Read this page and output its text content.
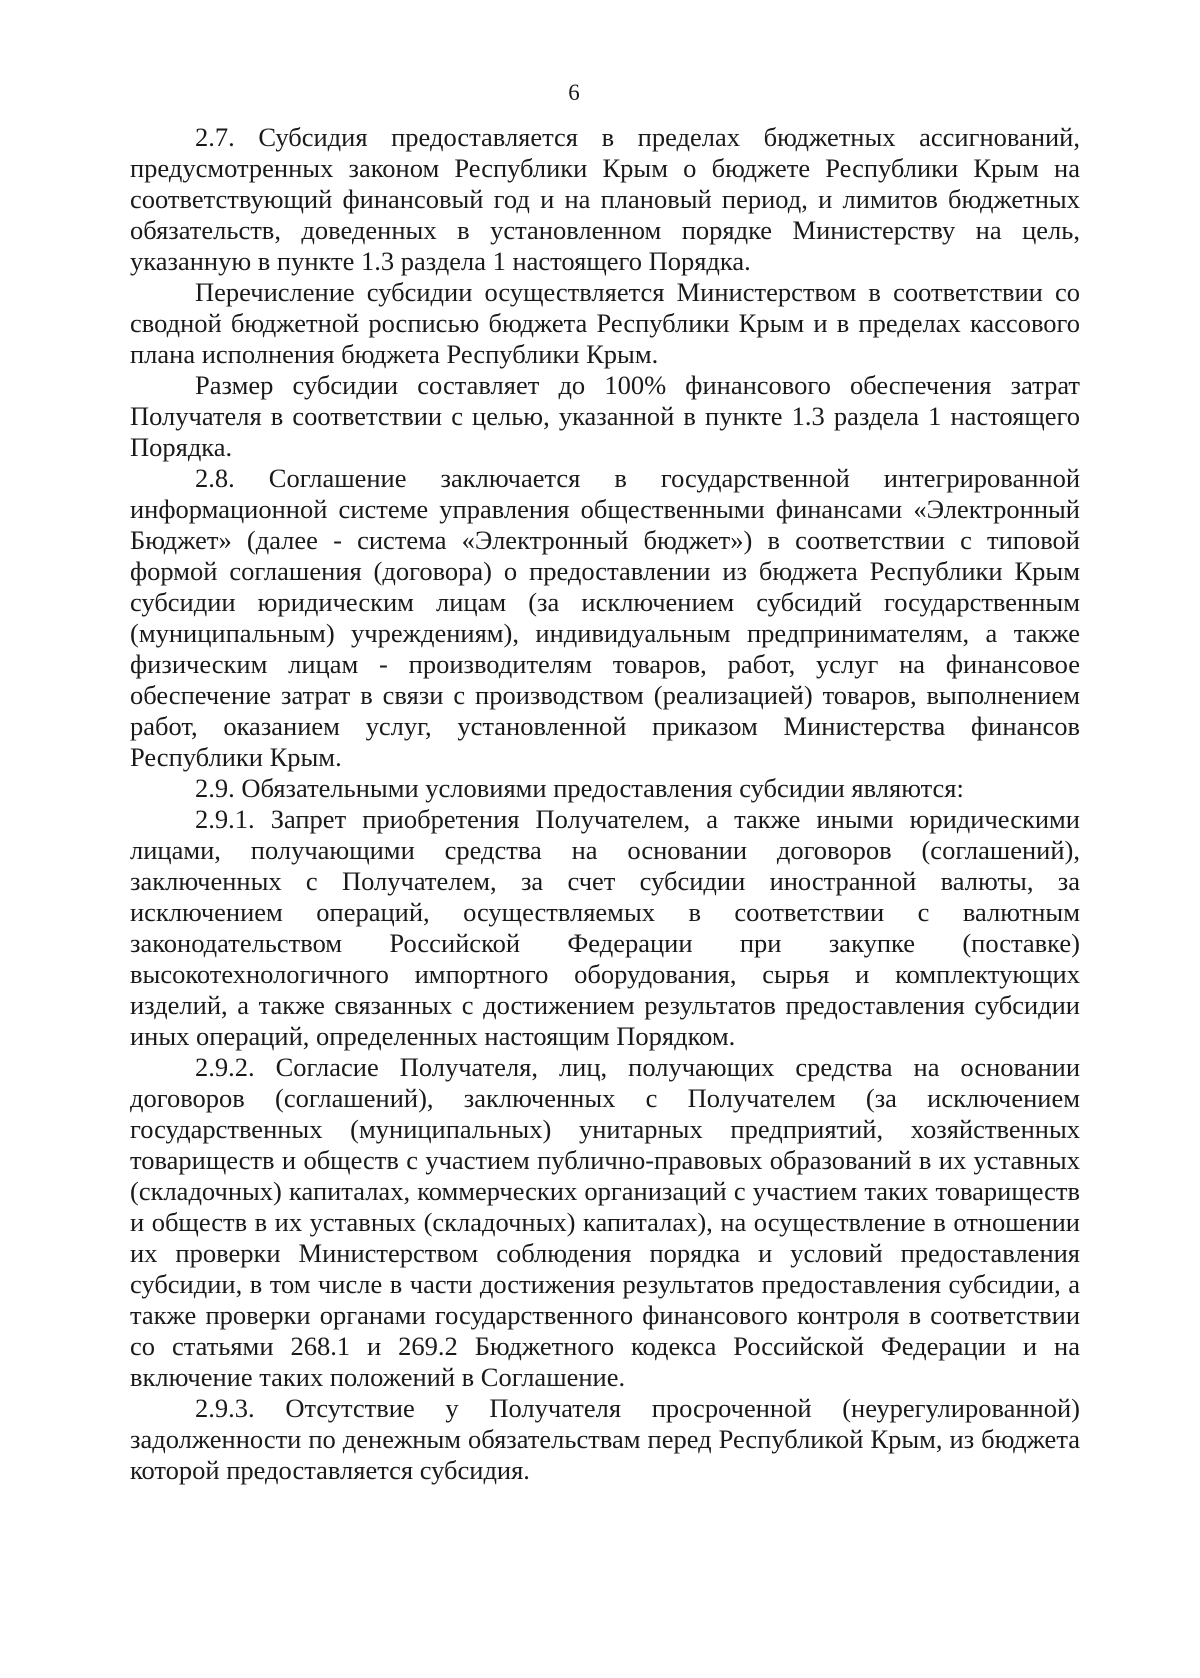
6

2.7. Субсидия предоставляется в пределах бюджетных ассигнований, предусмотренных законом Республики Крым о бюджете Республики Крым на соответствующий финансовый год и на плановый период, и лимитов бюджетных обязательств, доведенных в установленном порядке Министерству на цель, указанную в пункте 1.3 раздела 1 настоящего Порядка.

Перечисление субсидии осуществляется Министерством в соответствии со сводной бюджетной росписью бюджета Республики Крым и в пределах кассового плана исполнения бюджета Республики Крым.

Размер субсидии составляет до 100% финансового обеспечения затрат Получателя в соответствии с целью, указанной в пункте 1.3 раздела 1 настоящего Порядка.

2.8. Соглашение заключается в государственной интегрированной информационной системе управления общественными финансами «Электронный Бюджет» (далее - система «Электронный бюджет») в соответствии с типовой формой соглашения (договора) о предоставлении из бюджета Республики Крым субсидии юридическим лицам (за исключением субсидий государственным (муниципальным) учреждениям), индивидуальным предпринимателям, а также физическим лицам - производителям товаров, работ, услуг на финансовое обеспечение затрат в связи с производством (реализацией) товаров, выполнением работ, оказанием услуг, установленной приказом Министерства финансов Республики Крым.

2.9. Обязательными условиями предоставления субсидии являются:

2.9.1. Запрет приобретения Получателем, а также иными юридическими лицами, получающими средства на основании договоров (соглашений), заключенных с Получателем, за счет субсидии иностранной валюты, за исключением операций, осуществляемых в соответствии с валютным законодательством Российской Федерации при закупке (поставке) высокотехнологичного импортного оборудования, сырья и комплектующих изделий, а также связанных с достижением результатов предоставления субсидии иных операций, определенных настоящим Порядком.

2.9.2. Согласие Получателя, лиц, получающих средства на основании договоров (соглашений), заключенных с Получателем (за исключением государственных (муниципальных) унитарных предприятий, хозяйственных товариществ и обществ с участием публично-правовых образований в их уставных (складочных) капиталах, коммерческих организаций с участием таких товариществ и обществ в их уставных (складочных) капиталах), на осуществление в отношении их проверки Министерством соблюдения порядка и условий предоставления субсидии, в том числе в части достижения результатов предоставления субсидии, а также проверки органами государственного финансового контроля в соответствии со статьями 268.1 и 269.2 Бюджетного кодекса Российской Федерации и на включение таких положений в Соглашение.

2.9.3. Отсутствие у Получателя просроченной (неурегулированной) задолженности по денежным обязательствам перед Республикой Крым, из бюджета которой предоставляется субсидия.
